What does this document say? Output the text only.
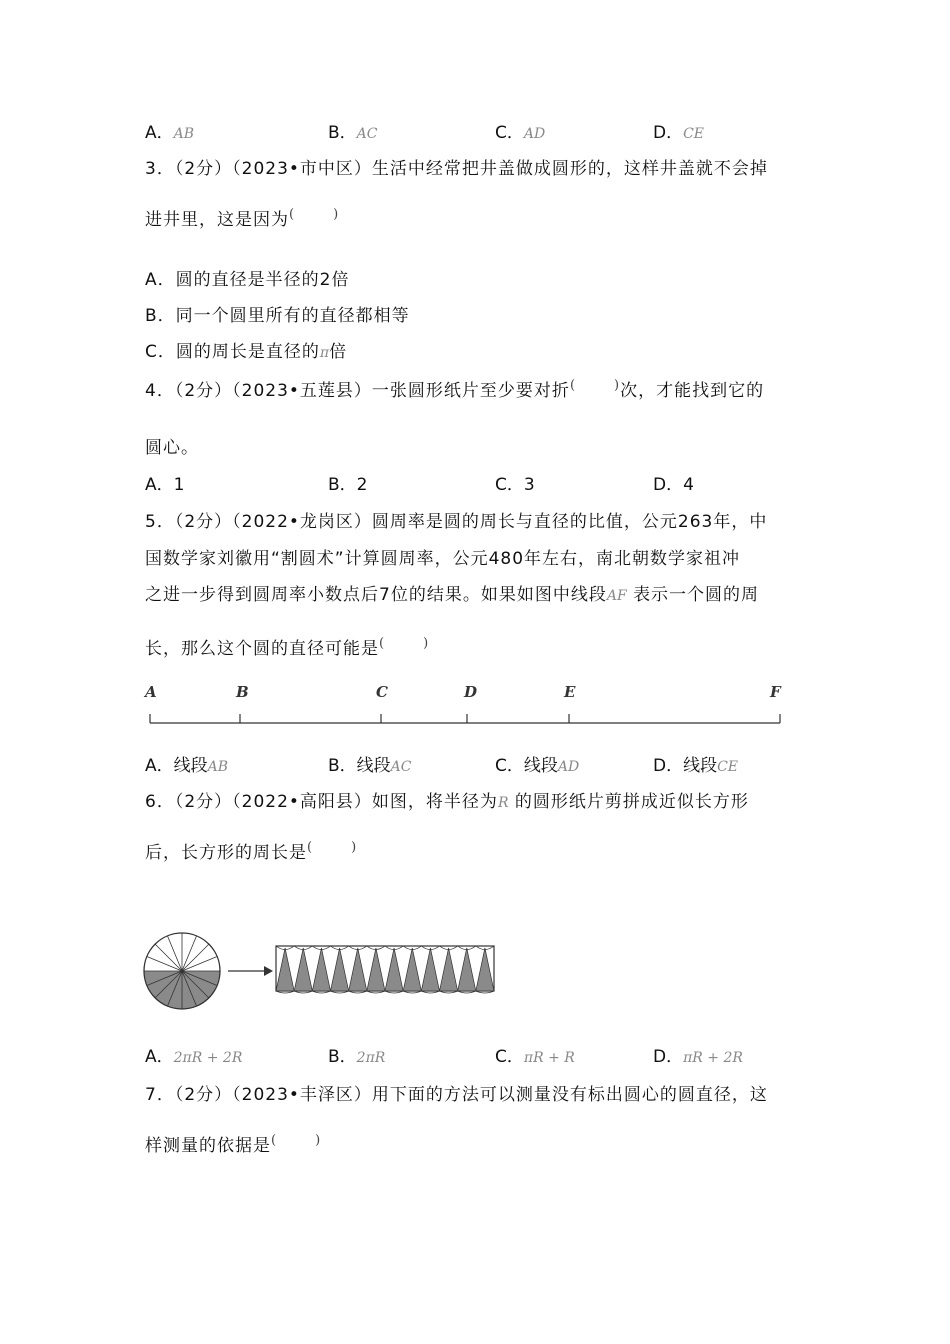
A．AB	B．AC	C．AD	D．CE
3．（2分）（2023•市中区）生活中经常把井盖做成圆形的，这样井盖就不会掉
进井里，这是因为(	)
A．圆的直径是半径的2倍
B．同一个圆里所有的直径都相等
C．圆的周长是直径的π倍
4．（2分）（2023•五莲县）一张圆形纸片至少要对折(	)次，才能找到它的
圆心。
A．1	B．2	C．3	D．4
5．（2分）（2022•龙岗区）圆周率是圆的周长与直径的比值，公元263年，中
国数学家刘徽用“割圆术”计算圆周率，公元480年左右，南北朝数学家祖冲
之进一步得到圆周率小数点后7位的结果。如果如图中线段AF 表示一个圆的周
长，那么这个圆的直径可能是(	)
A	B	C	D	E	F
A．线段AB	B．线段AC	C．线段AD	D．线段CE
6．（2分）（2022•高阳县）如图，将半径为R 的圆形纸片剪拼成近似长方形
后，长方形的周长是(	)
A．2πR + 2R	B．2πR	C．πR + R	D．πR + 2R
7．（2分）（2023•丰泽区）用下面的方法可以测量没有标出圆心的圆直径，这
样测量的依据是(	)
